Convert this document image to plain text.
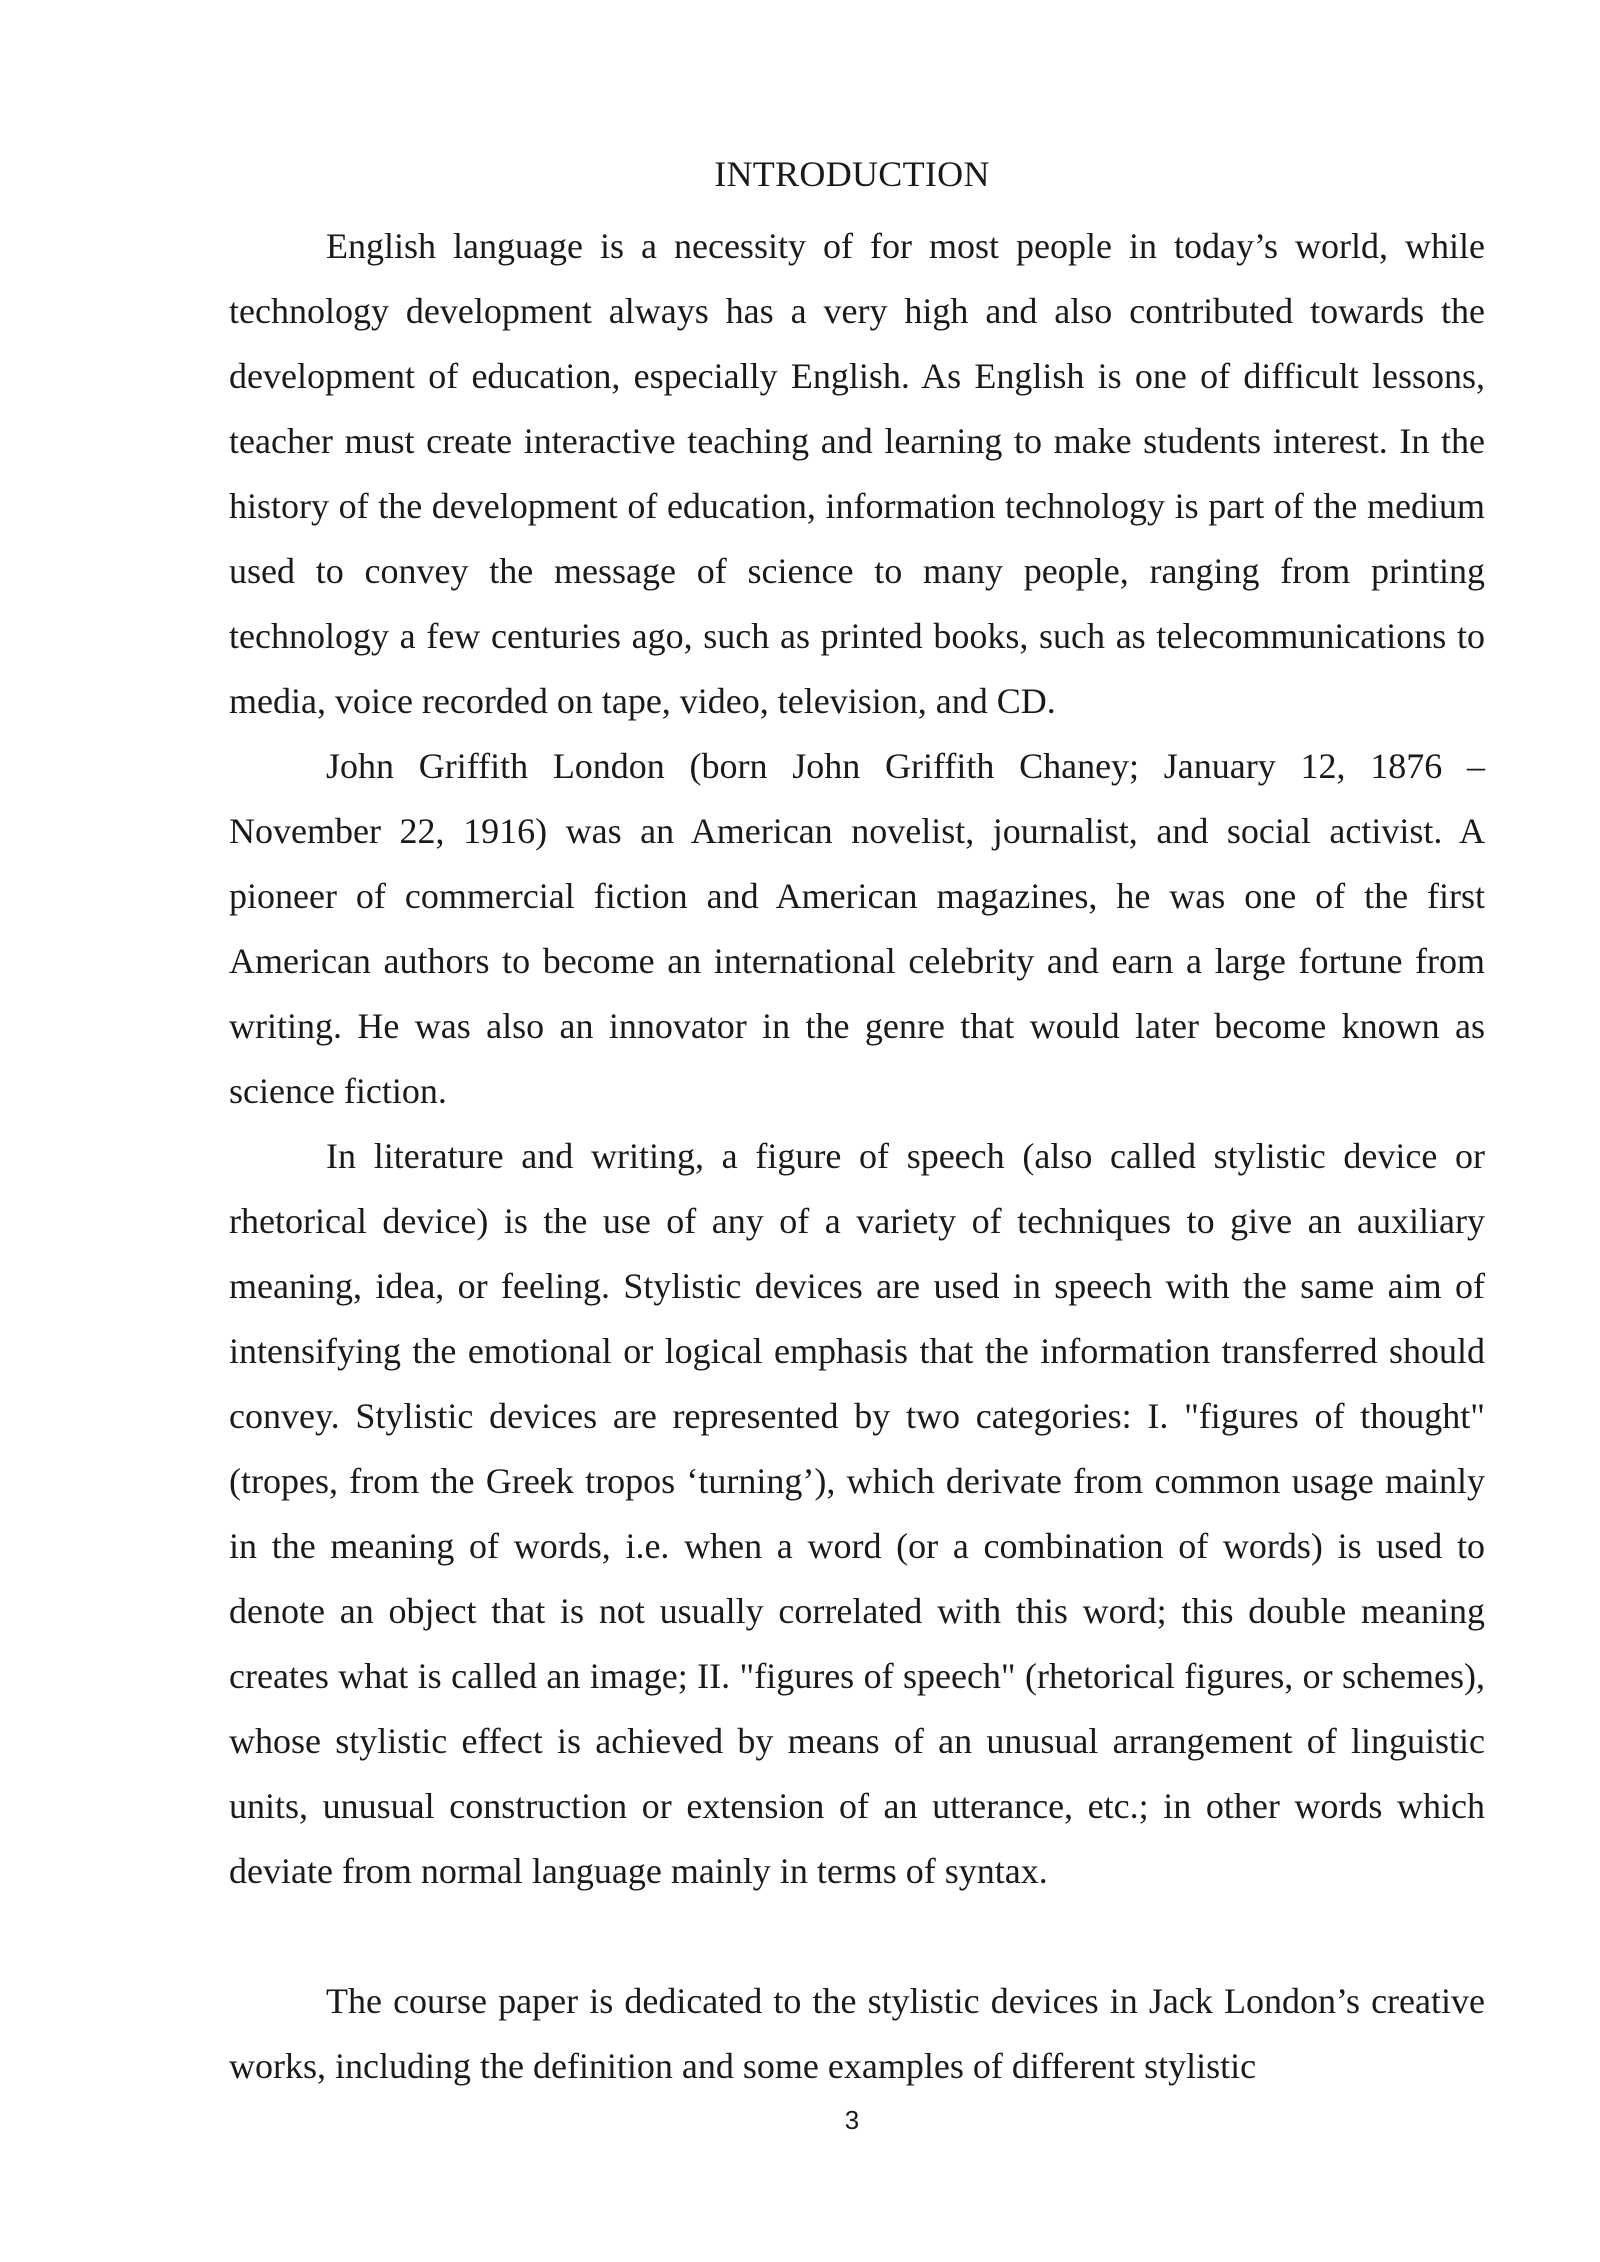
INTRODUCTION

English language is a necessity of for most people in today’s world, while technology development always has a very high and also contributed towards the development of education, especially English. As English is one of difficult lessons, teacher must create interactive teaching and learning to make students interest. In the history of the development of education, information technology is part of the medium used to convey the message of science to many people, ranging from printing technology a few centuries ago, such as printed books, such as telecommunications to media, voice recorded on tape, video, television, and CD.

John Griffith London (born John Griffith Chaney; January 12, 1876 – November 22, 1916) was an American novelist, journalist, and social activist. A pioneer of commercial fiction and American magazines, he was one of the first American authors to become an international celebrity and earn a large fortune from writing. He was also an innovator in the genre that would later become known as science fiction.

In literature and writing, a figure of speech (also called stylistic device or rhetorical device) is the use of any of a variety of techniques to give an auxiliary meaning, idea, or feeling. Stylistic devices are used in speech with the same aim of intensifying the emotional or logical emphasis that the information transferred should convey. Stylistic devices are represented by two categories: I. "figures of thought" (tropes, from the Greek tropos ‘turning’), which derivate from common usage mainly in the meaning of words, i.e. when a word (or a combination of words) is used to denote an object that is not usually correlated with this word; this double meaning creates what is called an image; II. "figures of speech" (rhetorical figures, or schemes), whose stylistic effect is achieved by means of an unusual arrangement of linguistic units, unusual construction or extension of an utterance, etc.; in other words which deviate from normal language mainly in terms of syntax.

The course paper is dedicated to the stylistic devices in Jack London’s creative works, including the definition and some examples of different stylistic

3
